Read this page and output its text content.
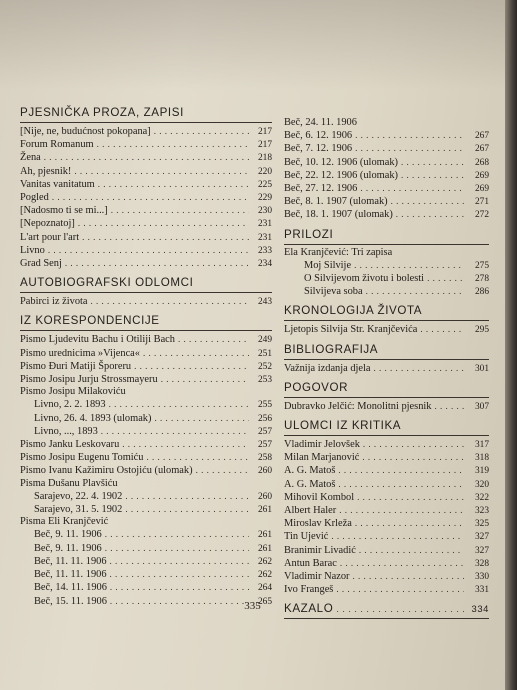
PJESNIČKA PROZA, ZAPISI
[Nije, ne, budućnost pokopana] . . .	217
Forum Romanum . . .	217
Žena . . .	218
Ah, pjesnik! . . .	220
Vanitas vanitatum . . .	225
Pogled . . .	229
[Nadosmo ti se mi...] . . .	230
[Nepoznatoj] . . .	231
L'art pour l'art . . .	231
Livno . . .	233
Grad Senj . . .	234
AUTOBIOGRAFSKI ODLOMCI
Pabirci iz života . . .	243
IZ KORESPONDENCIJE
Pismo Ljudevitu Bachu i Otiliji Bach . . .	249
Pismo urednicima »Vijenca« . . .	251
Pismo Đuri Matiji Šporeru . . .	252
Pismo Josipu Jurju Strossmayeru . . .	253
Pismo Josipu Milakoviću
Livno, 2. 2. 1893 . . .	255
Livno, 26. 4. 1893 (ulomak) . . .	256
Livno, ..., 1893 . . .	257
Pismo Janku Leskovaru . . .	257
Pismo Josipu Eugenu Tomiću . . .	258
Pismo Ivanu Kažimiru Ostojiću (ulomak) . . .	260
Pisma Dušanu Plavšiću
Sarajevo, 22. 4. 1902 . . .	260
Sarajevo, 31. 5. 1902 . . .	261
Pisma Eli Kranjčević
Beč, 9. 11. 1906 . . .	261
Beč, 9. 11. 1906 . . .	261
Beč, 11. 11. 1906 . . .	262
Beč, 11. 11. 1906 . . .	262
Beč, 14. 11. 1906 . . .	264
Beč, 15. 11. 1906 . . .	265
Beč, 24. 11. 1906
Beč, 6. 12. 1906 . . .	267
Beč, 7. 12. 1906 . . .	267
Beč, 10. 12. 1906 (ulomak) . . .	268
Beč, 22. 12. 1906 (ulomak) . . .	269
Beč, 27. 12. 1906 . . .	269
Beč, 8. 1. 1907 (ulomak) . . .	271
Beč, 18. 1. 1907 (ulomak) . . .	272
PRILOZI
Ela Kranjčević: Tri zapisa
Moj Silvije . . .	275
O Silvijevom životu i bolesti . . .	278
Silvijeva soba . . .	286
KRONOLOGIJA ŽIVOTA
Ljetopis Silvija Str. Kranjčevića . . .	295
BIBLIOGRAFIJA
Važnija izdanja djela . . .	301
POGOVOR
Dubravko Jelčić: Monolitni pjesnik . . .	307
ULOMCI IZ KRITIKA
Vladimir Jelovšek . . .	317
Milan Marjanović . . .	318
A. G. Matoš . . .	319
A. G. Matoš . . .	320
Mihovil Kombol . . .	322
Albert Haler . . .	323
Miroslav Krleža . . .	325
Tin Ujević . . .	327
Branimir Livadić . . .	327
Antun Barac . . .	328
Vladimir Nazor . . .	330
Ivo Frangeš . . .	331
KAZALO . . .	334
335
